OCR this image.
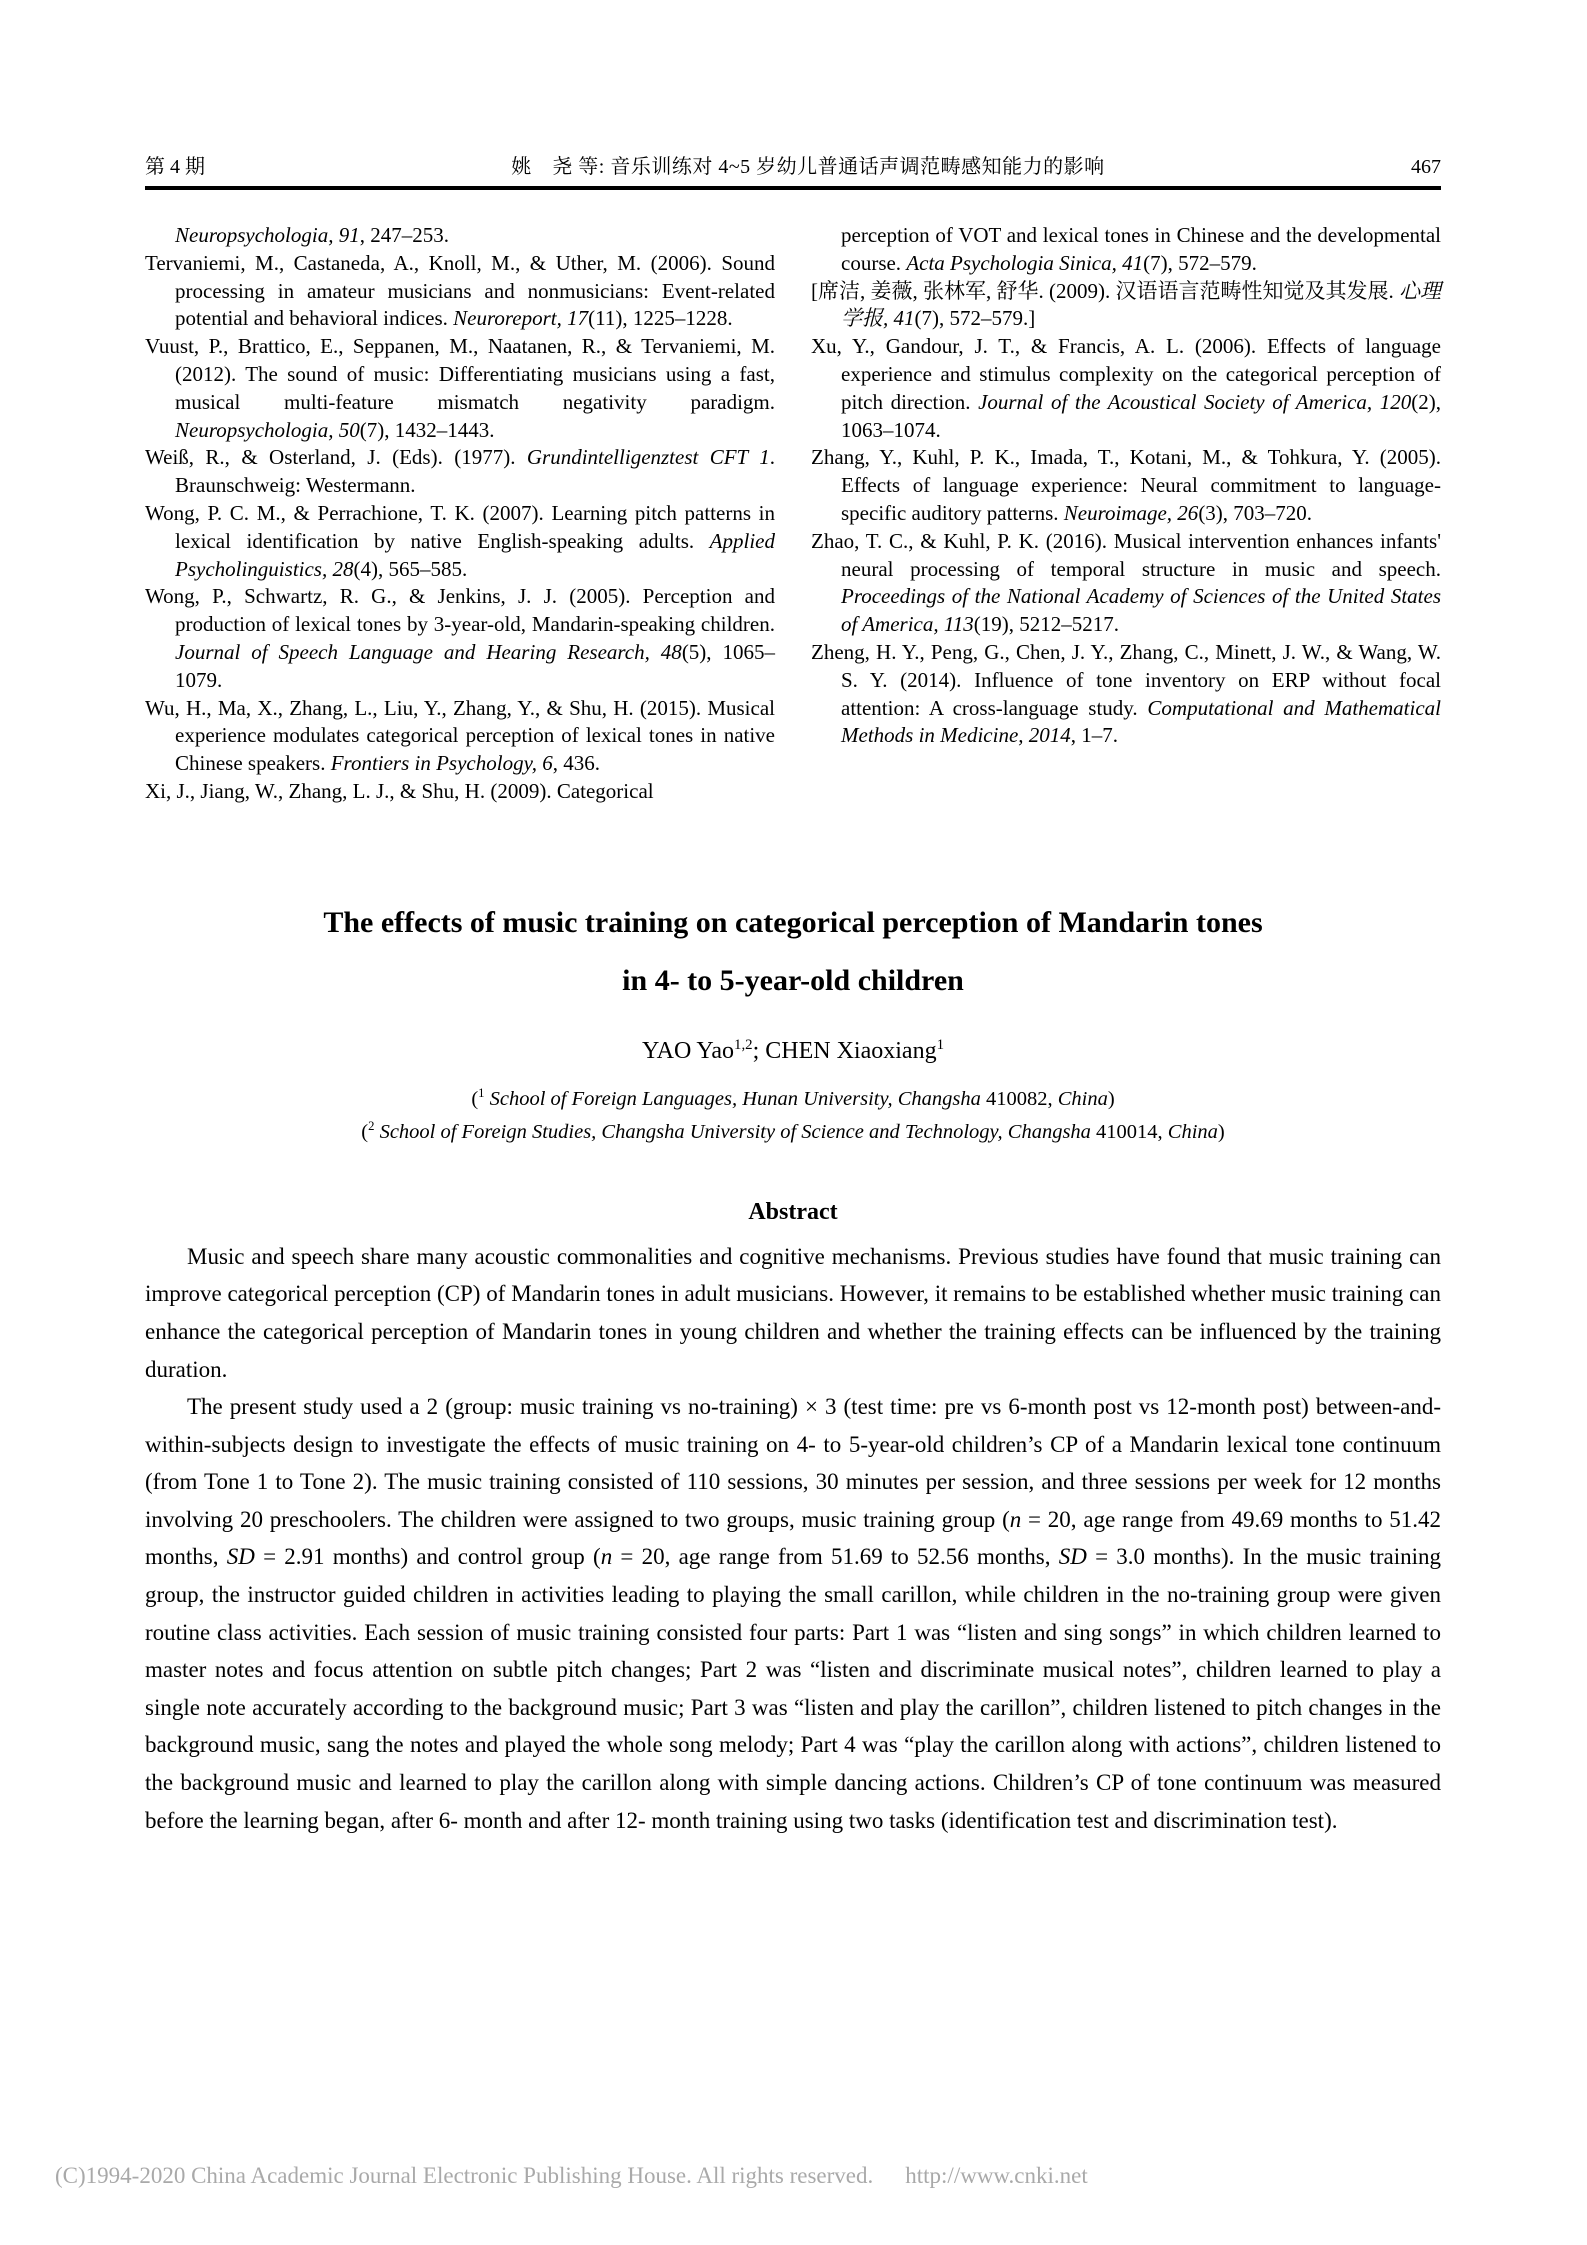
第 4 期	姚　尧 等: 音乐训练对 4~5 岁幼儿普通话声调范畴感知能力的影响	467
Neuropsychologia, 91, 247–253.
Tervaniemi, M., Castaneda, A., Knoll, M., & Uther, M. (2006). Sound processing in amateur musicians and nonmusicians: Event-related potential and behavioral indices. Neuroreport, 17(11), 1225–1228.
Vuust, P., Brattico, E., Seppanen, M., Naatanen, R., & Tervaniemi, M. (2012). The sound of music: Differentiating musicians using a fast, musical multi-feature mismatch negativity paradigm. Neuropsychologia, 50(7), 1432–1443.
Weiß, R., & Osterland, J. (Eds). (1977). Grundintelligenztest CFT 1. Braunschweig: Westermann.
Wong, P. C. M., & Perrachione, T. K. (2007). Learning pitch patterns in lexical identification by native English-speaking adults. Applied Psycholinguistics, 28(4), 565–585.
Wong, P., Schwartz, R. G., & Jenkins, J. J. (2005). Perception and production of lexical tones by 3-year-old, Mandarin-speaking children. Journal of Speech Language and Hearing Research, 48(5), 1065–1079.
Wu, H., Ma, X., Zhang, L., Liu, Y., Zhang, Y., & Shu, H. (2015). Musical experience modulates categorical perception of lexical tones in native Chinese speakers. Frontiers in Psychology, 6, 436.
Xi, J., Jiang, W., Zhang, L. J., & Shu, H. (2009). Categorical
perception of VOT and lexical tones in Chinese and the developmental course. Acta Psychologia Sinica, 41(7), 572–579.
[席洁, 姜薇, 张林军, 舒华. (2009). 汉语语言范畴性知觉及其发展. 心理学报, 41(7), 572–579.]
Xu, Y., Gandour, J. T., & Francis, A. L. (2006). Effects of language experience and stimulus complexity on the categorical perception of pitch direction. Journal of the Acoustical Society of America, 120(2), 1063–1074.
Zhang, Y., Kuhl, P. K., Imada, T., Kotani, M., & Tohkura, Y. (2005). Effects of language experience: Neural commitment to language-specific auditory patterns. Neuroimage, 26(3), 703–720.
Zhao, T. C., & Kuhl, P. K. (2016). Musical intervention enhances infants' neural processing of temporal structure in music and speech. Proceedings of the National Academy of Sciences of the United States of America, 113(19), 5212–5217.
Zheng, H. Y., Peng, G., Chen, J. Y., Zhang, C., Minett, J. W., & Wang, W. S. Y. (2014). Influence of tone inventory on ERP without focal attention: A cross-language study. Computational and Mathematical Methods in Medicine, 2014, 1–7.
The effects of music training on categorical perception of Mandarin tones
in 4- to 5-year-old children
YAO Yao$^{1,2}$; CHEN Xiaoxiang$^1$
($^1$ School of Foreign Languages, Hunan University, Changsha 410082, China)
($^2$ School of Foreign Studies, Changsha University of Science and Technology, Changsha 410014, China)
Abstract

Music and speech share many acoustic commonalities and cognitive mechanisms. Previous studies have found that music training can improve categorical perception (CP) of Mandarin tones in adult musicians. However, it remains to be established whether music training can enhance the categorical perception of Mandarin tones in young children and whether the training effects can be influenced by the training duration.

The present study used a 2 (group: music training vs no-training) × 3 (test time: pre vs 6-month post vs 12-month post) between-and-within-subjects design to investigate the effects of music training on 4- to 5-year-old children’s CP of a Mandarin lexical tone continuum (from Tone 1 to Tone 2). The music training consisted of 110 sessions, 30 minutes per session, and three sessions per week for 12 months involving 20 preschoolers. The children were assigned to two groups, music training group (n = 20, age range from 49.69 months to 51.42 months, SD = 2.91 months) and control group (n = 20, age range from 51.69 to 52.56 months, SD = 3.0 months). In the music training group, the instructor guided children in activities leading to playing the small carillon, while children in the no-training group were given routine class activities. Each session of music training consisted four parts: Part 1 was “listen and sing songs” in which children learned to master notes and focus attention on subtle pitch changes; Part 2 was “listen and discriminate musical notes”, children learned to play a single note accurately according to the background music; Part 3 was “listen and play the carillon”, children listened to pitch changes in the background music, sang the notes and played the whole song melody; Part 4 was “play the carillon along with actions”, children listened to the background music and learned to play the carillon along with simple dancing actions. Children’s CP of tone continuum was measured before the learning began, after 6- month and after 12- month training using two tasks (identification test and discrimination test).

(C)1994-2020 China Academic Journal Electronic Publishing House. All rights reserved. http://www.cnki.net
